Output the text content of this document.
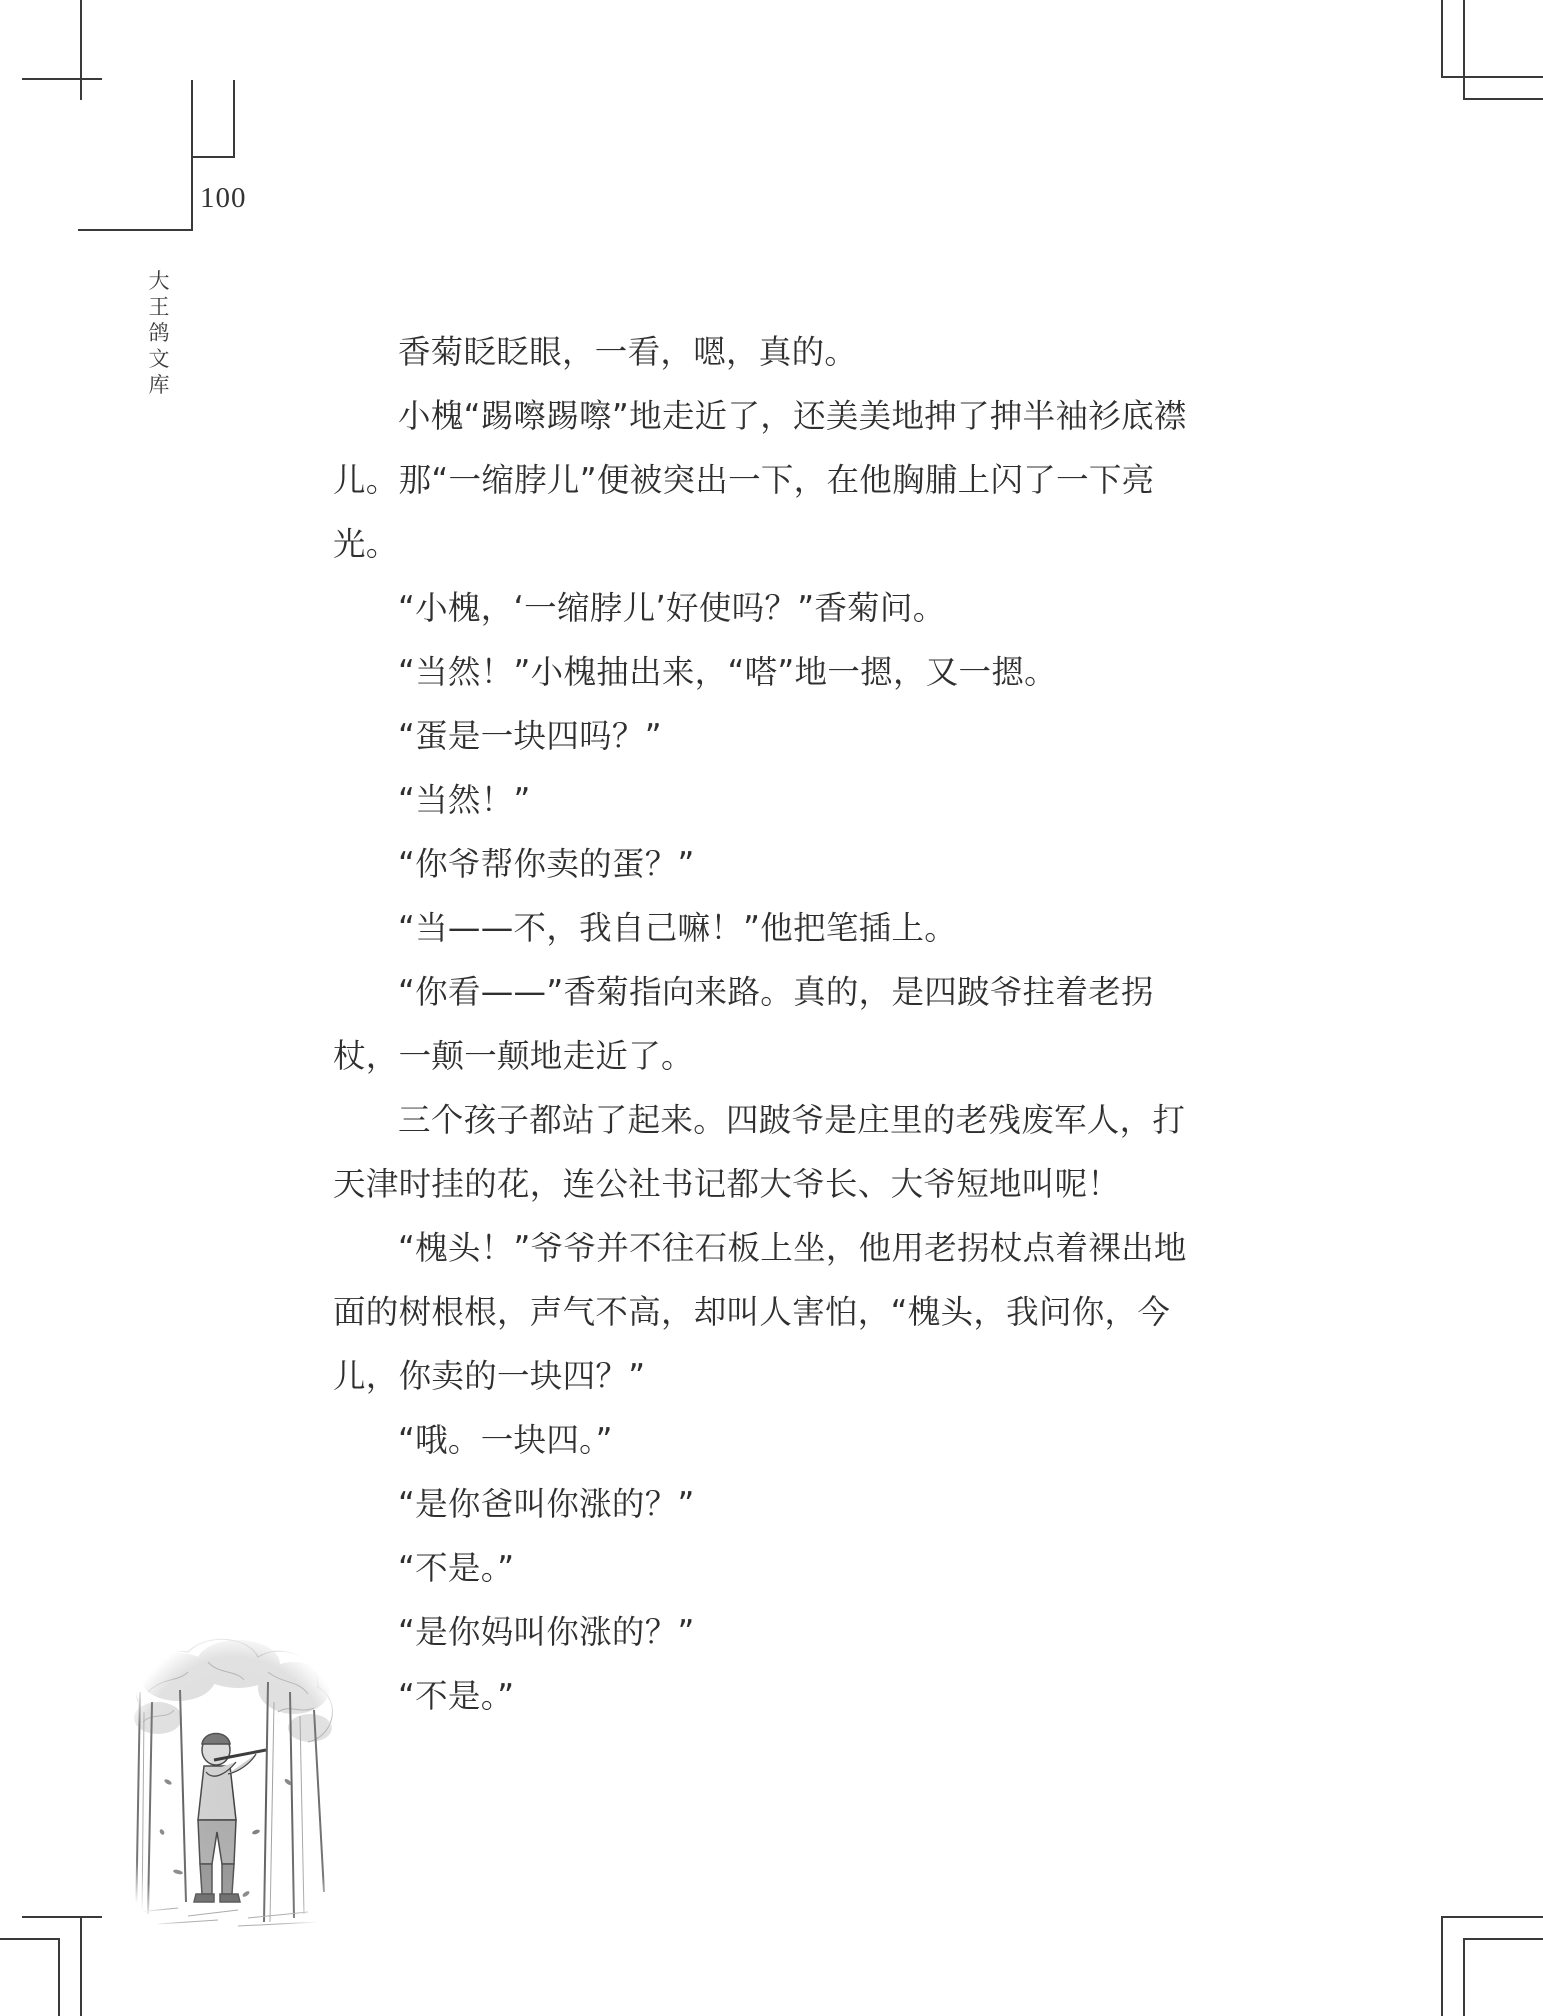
100
大王鸽文库

香菊眨眨眼，一看，嗯，真的。

小槐“踢嚓踢嚓”地走近了，还美美地抻了抻半袖衫底襟儿。那“一缩脖儿”便被突出一下，在他胸脯上闪了一下亮光。

“小槐，‘一缩脖儿’好使吗？”香菊问。

“当然！”小槐抽出来，“嗒”地一摁，又一摁。

“蛋是一块四吗？”

“当然！”

“你爷帮你卖的蛋？”

“当——不，我自己嘛！”他把笔插上。

“你看——”香菊指向来路。真的，是四跛爷拄着老拐杖，一颠一颠地走近了。

三个孩子都站了起来。四跛爷是庄里的老残废军人，打天津时挂的花，连公社书记都大爷长、大爷短地叫呢！

“槐头！”爷爷并不往石板上坐，他用老拐杖点着裸出地面的树根根，声气不高，却叫人害怕，“槐头，我问你，今儿，你卖的一块四？”

“哦。一块四。”

“是你爸叫你涨的？”

“不是。”

“是你妈叫你涨的？”

“不是。”
